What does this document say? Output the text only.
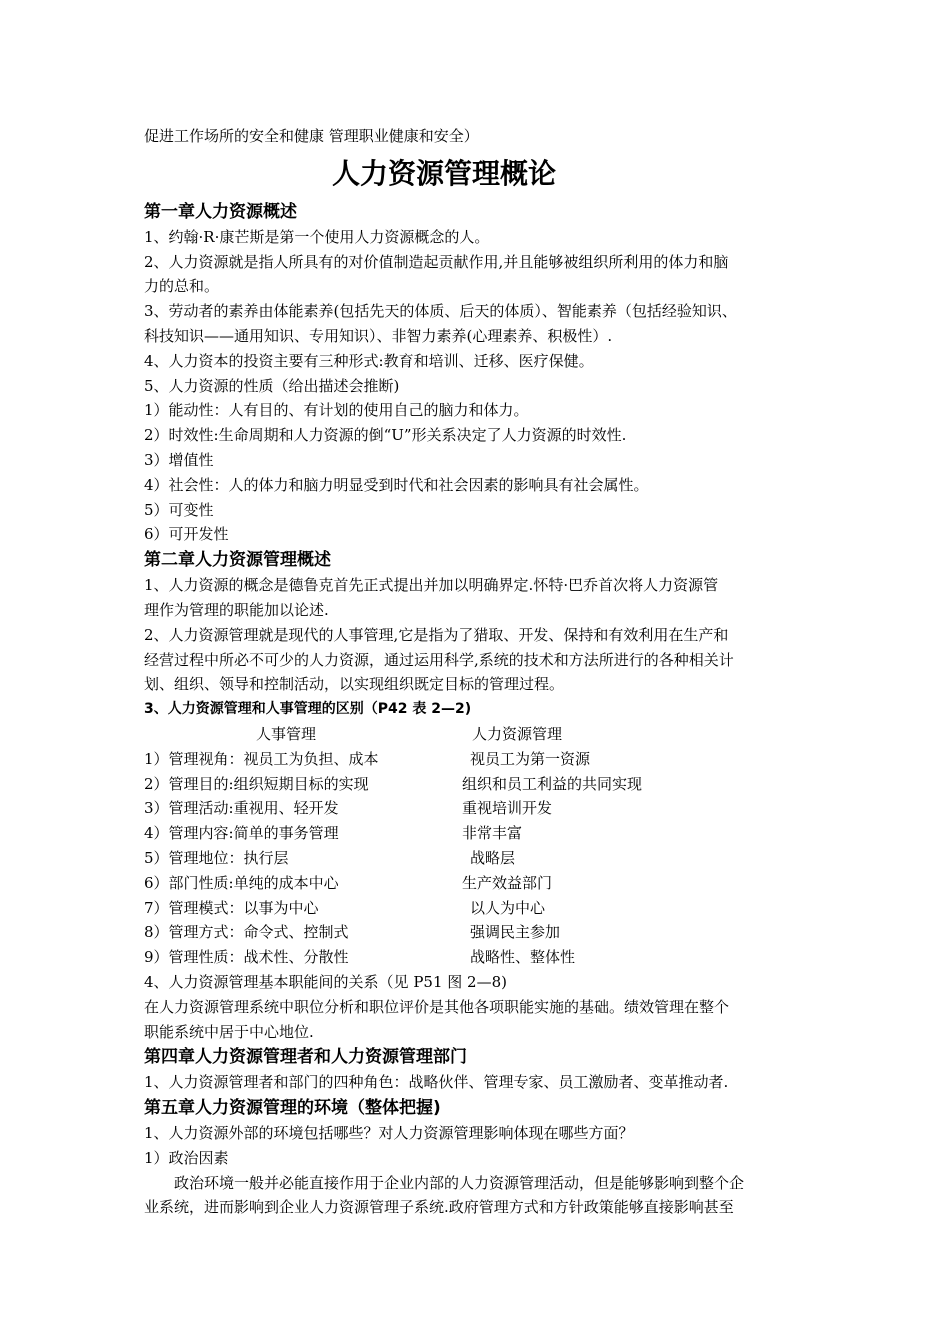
促进工作场所的安全和健康 管理职业健康和安全）
人力资源管理概论
第一章人力资源概述
1、约翰·R·康芒斯是第一个使用人力资源概念的人。
2、人力资源就是指人所具有的对价值制造起贡献作用,并且能够被组织所利用的体力和脑
力的总和。
3、劳动者的素养由体能素养(包括先天的体质、后天的体质）、智能素养（包括经验知识、
科技知识——通用知识、专用知识）、非智力素养(心理素养、积极性）.
4、人力资本的投资主要有三种形式:教育和培训、迁移、医疗保健。
5、人力资源的性质（给出描述会推断)
1）能动性：人有目的、有计划的使用自己的脑力和体力。
2）时效性:生命周期和人力资源的倒“U”形关系决定了人力资源的时效性.
3）增值性
4）社会性：人的体力和脑力明显受到时代和社会因素的影响具有社会属性。
5）可变性
6）可开发性
第二章人力资源管理概述
1、人力资源的概念是德鲁克首先正式提出并加以明确界定.怀特·巴乔首次将人力资源管
理作为管理的职能加以论述.
2、人力资源管理就是现代的人事管理,它是指为了猎取、开发、保持和有效利用在生产和
经营过程中所必不可少的人力资源，通过运用科学,系统的技术和方法所进行的各种相关计
划、组织、领导和控制活动，以实现组织既定目标的管理过程。
3、人力资源管理和人事管理的区别（P42 表 2—2)
人事管理	人力资源管理
1）管理视角：视员工为负担、成本	视员工为第一资源
2）管理目的:组织短期目标的实现	组织和员工利益的共同实现
3）管理活动:重视用、轻开发	重视培训开发
4）管理内容:简单的事务管理	非常丰富
5）管理地位：执行层	战略层
6）部门性质:单纯的成本中心	生产效益部门
7）管理模式：以事为中心	以人为中心
8）管理方式：命令式、控制式	强调民主参加
9）管理性质：战术性、分散性	战略性、整体性
4、人力资源管理基本职能间的关系（见 P51 图 2—8)
在人力资源管理系统中职位分析和职位评价是其他各项职能实施的基础。绩效管理在整个
职能系统中居于中心地位.
第四章人力资源管理者和人力资源管理部门
1、人力资源管理者和部门的四种角色：战略伙伴、管理专家、员工激励者、变革推动者.
第五章人力资源管理的环境（整体把握)
1、人力资源外部的环境包括哪些？对人力资源管理影响体现在哪些方面？
1）政治因素
政治环境一般并必能直接作用于企业内部的人力资源管理活动，但是能够影响到整个企
业系统，进而影响到企业人力资源管理子系统.政府管理方式和方针政策能够直接影响甚至
